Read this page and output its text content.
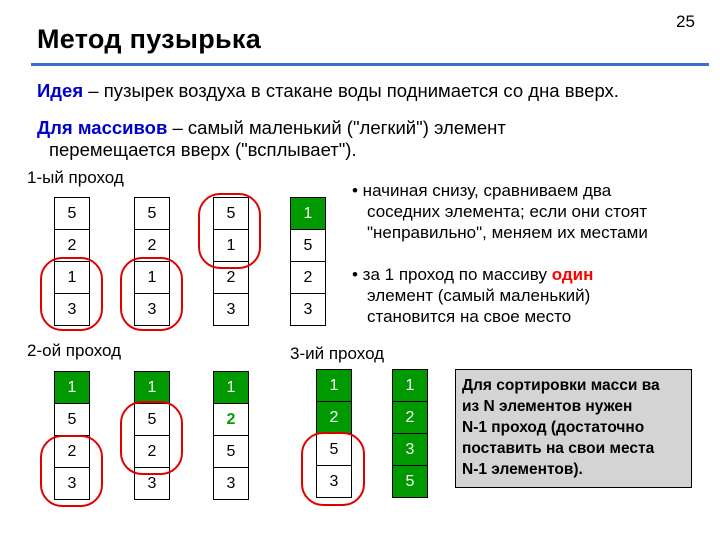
25
Метод пузырька
Идея – пузырек воздуха в стакане воды поднимается со дна вверх.
Для массивов – самый маленький ("легкий") элемент
перемещается вверх ("всплывает").
1-ый проход
2-ой проход	3-ий проход
• начиная снизу, сравниваем два
соседних элемента; если они стоят
"неправильно", меняем их местами
• за 1 проход по массиву один
элемент (самый маленький)
становится на свое место
5
2
1
3
5
2
1
3
5
1
2
3
1
5
2
3
1
5
2
3
1
5
2
3
1
2
5
3
1
2
5
3
1
2
3
5
Для сортировки масси ва
из N элементов нужен
N-1 проход (достаточно
поставить на свои места
N-1 элементов).
